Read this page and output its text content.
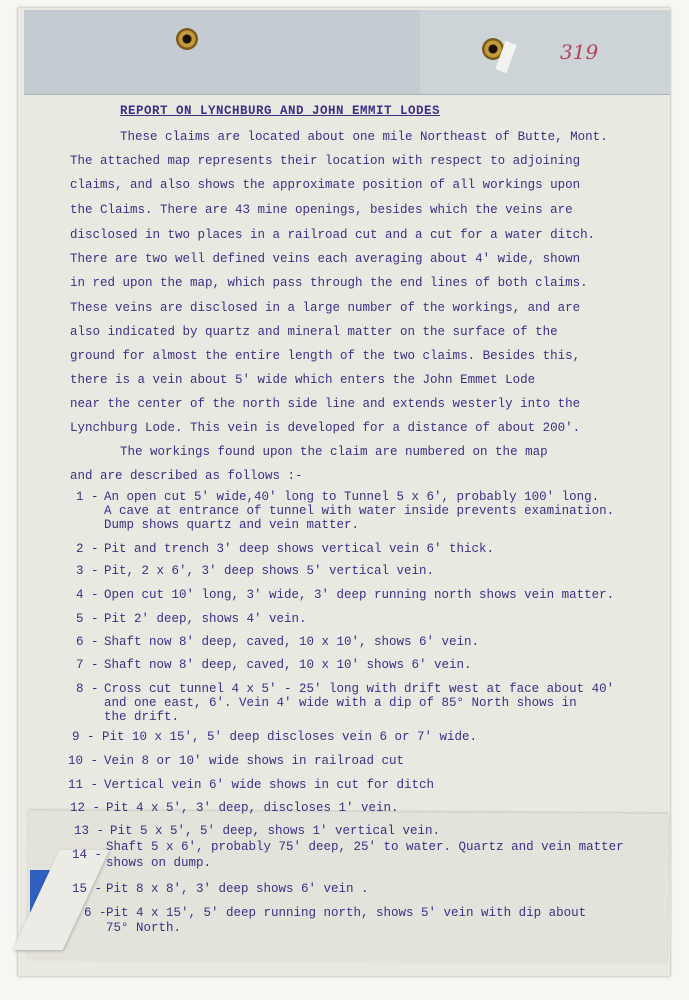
319
REPORT ON LYNCHBURG AND JOHN EMMIT LODES
These claims are located about one mile Northeast of Butte, Mont.
The attached map represents their location with respect to adjoining
claims, and also shows the approximate position of all workings upon
the Claims. There are 43 mine openings, besides which the veins are
disclosed in two places in a railroad cut and a cut for a water ditch.
There are two well defined veins each averaging about 4' wide, shown
in red upon the map, which pass through the end lines of both claims.
These veins are disclosed in a large number of the workings, and are
also indicated by quartz and mineral matter on the surface of the
ground for almost the entire length of the two claims. Besides this,
there is a vein about 5' wide which enters the John Emmet Lode
near the center of the north side line and extends westerly into the
Lynchburg Lode. This vein is developed for a distance of about 200'.
The workings found upon the claim are numbered on the map
and are described as follows :-
1 - An open cut 5' wide,40' long to Tunnel 5 x 6', probably 100' long.
A cave at entrance of tunnel with water inside prevents examination.
Dump shows quartz and vein matter.
2 - Pit and trench 3' deep shows vertical vein 6' thick.
3 - Pit, 2 x 6', 3' deep shows 5' vertical vein.
4 - Open cut 10' long, 3' wide, 3' deep running north shows vein matter.
5 - Pit 2' deep, shows 4' vein.
6 - Shaft now 8' deep, caved, 10 x 10', shows 6' vein.
7 - Shaft now 8' deep, caved, 10 x 10' shows 6' vein.
8 - Cross cut tunnel 4 x 5' - 25' long with drift west at face about 40'
and one east, 6'. Vein 4' wide with a dip of 85° North shows in
the drift.
9 - Pit 10 x 15', 5' deep discloses vein 6 or 7' wide.
10 - Vein 8 or 10' wide shows in railroad cut
11 - Vertical vein 6' wide shows in cut for ditch
12 - Pit 4 x 5', 3' deep, discloses 1' vein.
13 - Pit 5 x 5', 5' deep, shows 1' vertical vein.
14 -
Shaft 5 x 6', probably 75' deep, 25' to water. Quartz and vein matter
shows on dump.
15 - Pit 8 x 8', 3' deep shows 6' vein .
6 - Pit 4 x 15', 5' deep running north, shows 5' vein with dip about
75° North.
